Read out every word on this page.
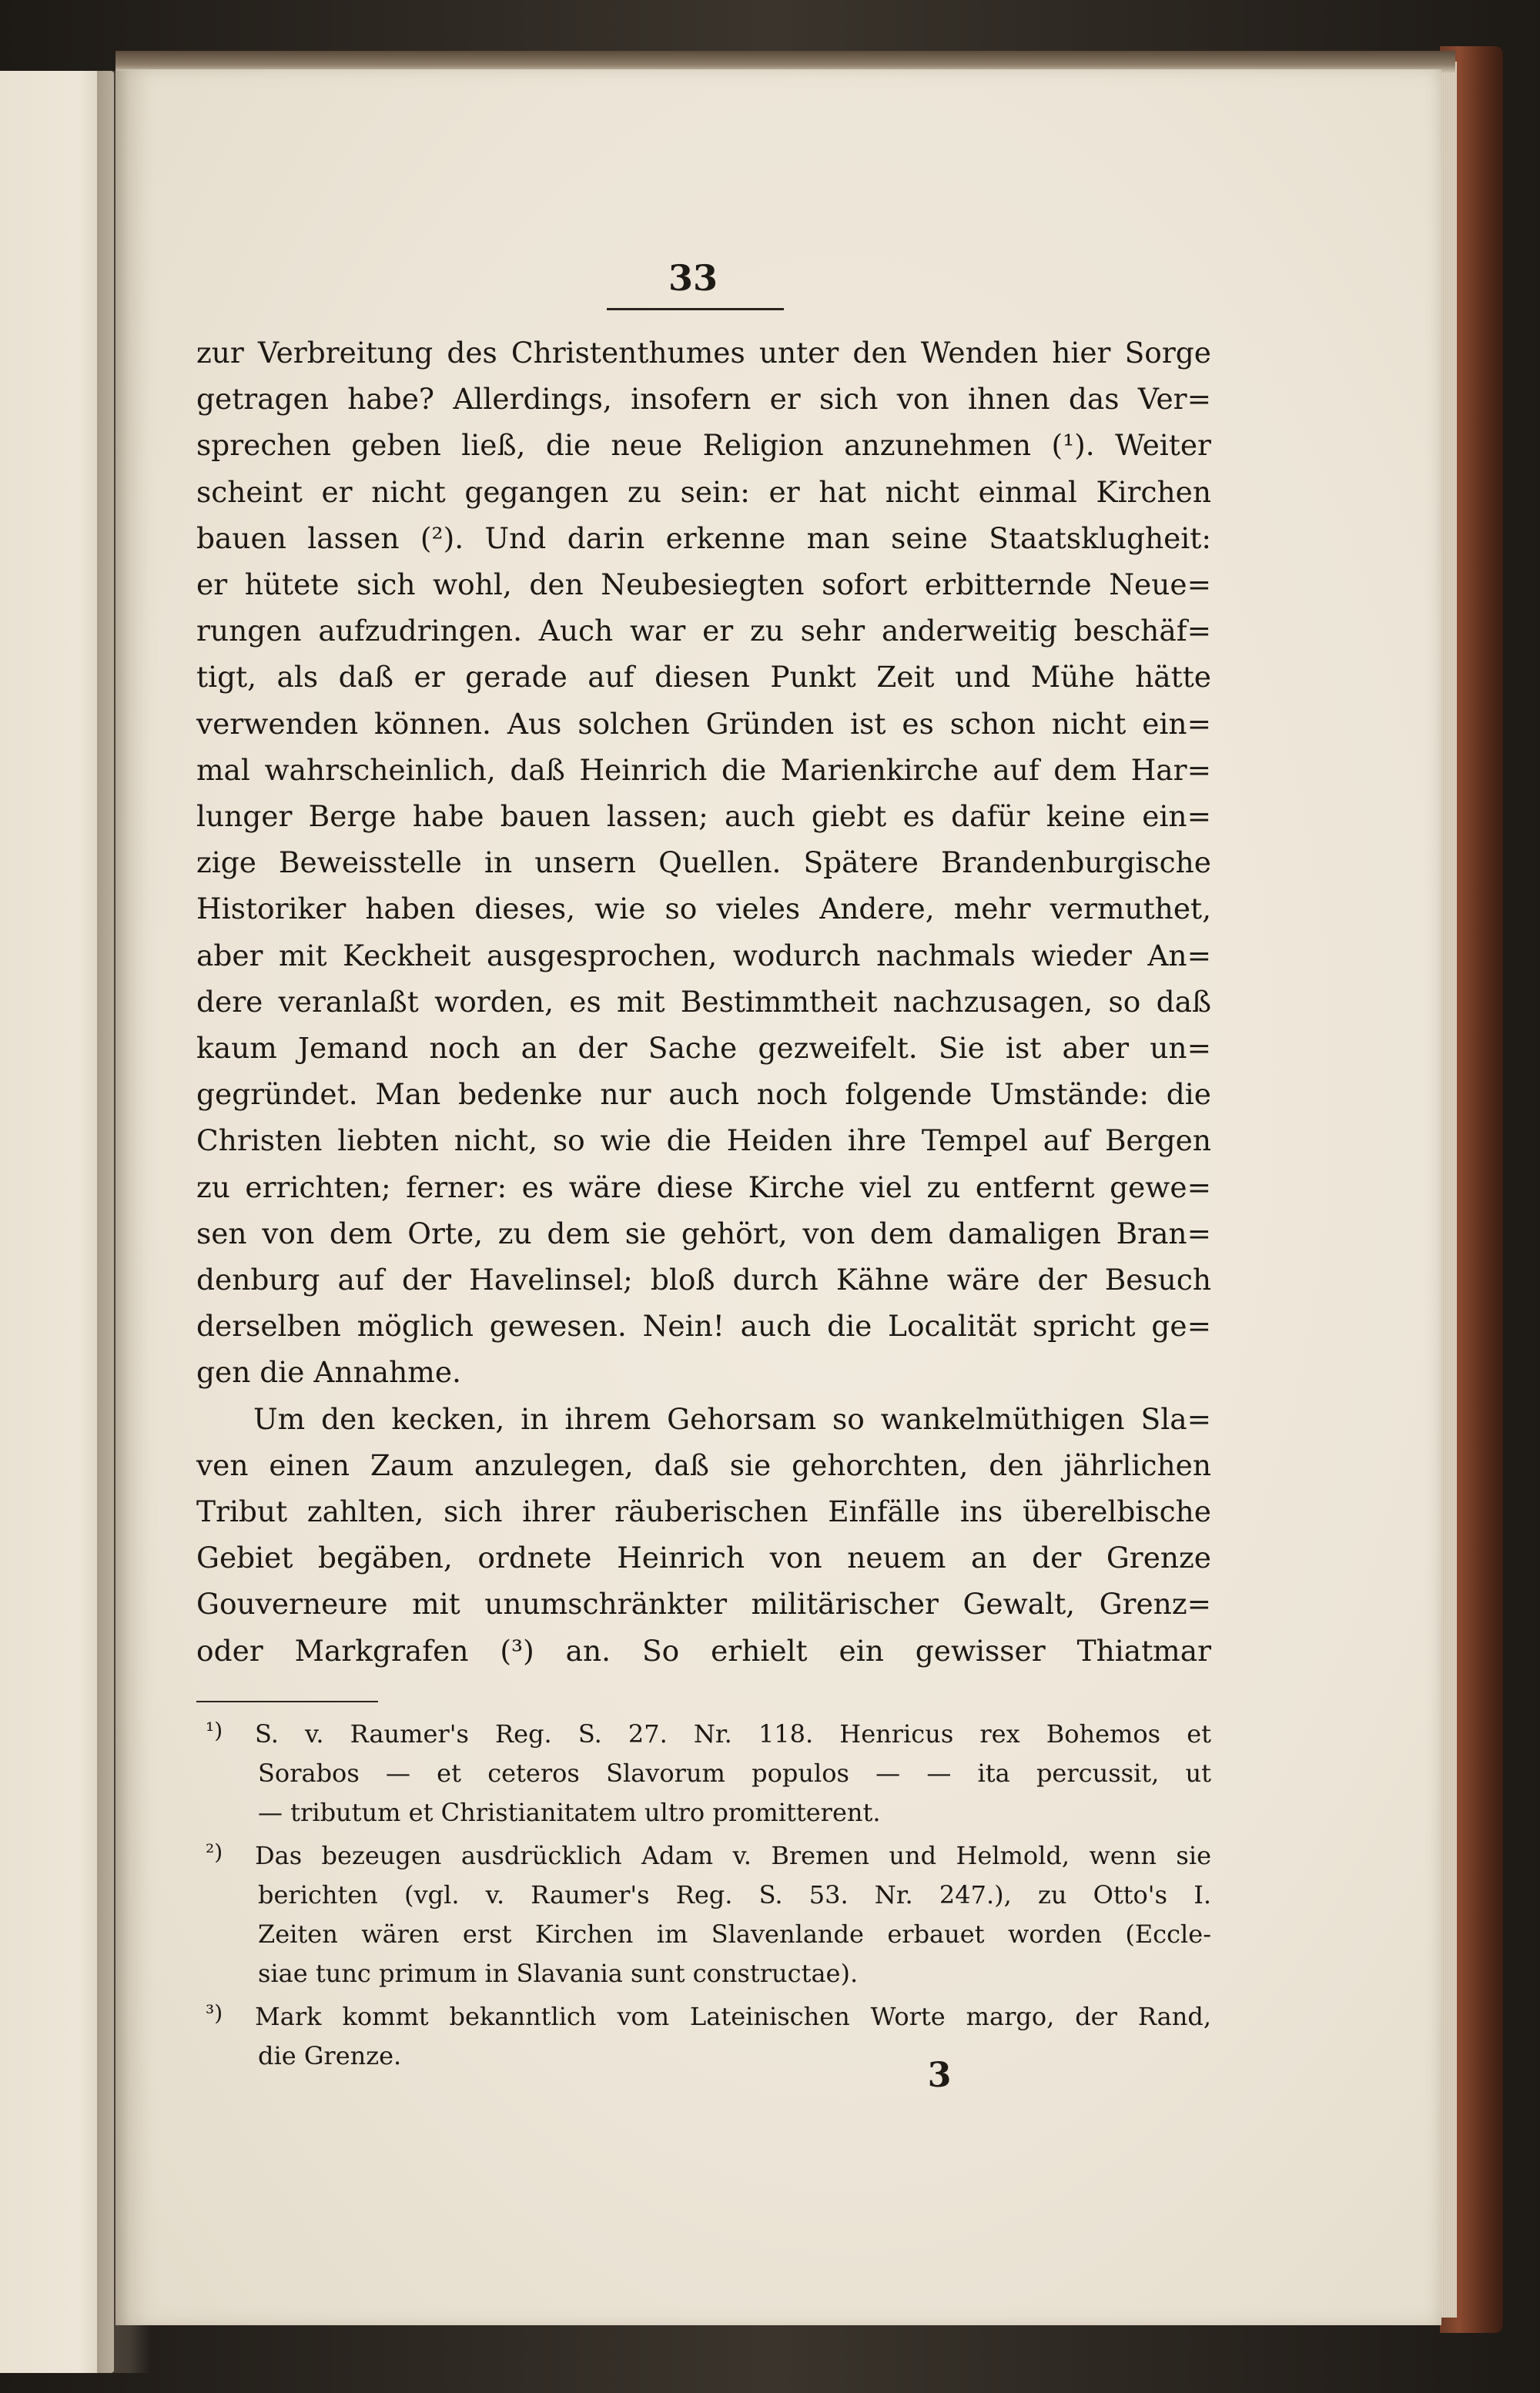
33
zur Verbreitung des Christenthumes unter den Wenden hier Sorge
getragen habe? Allerdings, insofern er sich von ihnen das Ver=
sprechen geben ließ, die neue Religion anzunehmen (¹). Weiter
scheint er nicht gegangen zu sein: er hat nicht einmal Kirchen
bauen lassen (²). Und darin erkenne man seine Staatsklugheit:
er hütete sich wohl, den Neubesiegten sofort erbitternde Neue=
rungen aufzudringen. Auch war er zu sehr anderweitig beschäf=
tigt, als daß er gerade auf diesen Punkt Zeit und Mühe hätte
verwenden können. Aus solchen Gründen ist es schon nicht ein=
mal wahrscheinlich, daß Heinrich die Marienkirche auf dem Har=
lunger Berge habe bauen lassen; auch giebt es dafür keine ein=
zige Beweisstelle in unsern Quellen. Spätere Brandenburgische
Historiker haben dieses, wie so vieles Andere, mehr vermuthet,
aber mit Keckheit ausgesprochen, wodurch nachmals wieder An=
dere veranlaßt worden, es mit Bestimmtheit nachzusagen, so daß
kaum Jemand noch an der Sache gezweifelt. Sie ist aber un=
gegründet. Man bedenke nur auch noch folgende Umstände: die
Christen liebten nicht, so wie die Heiden ihre Tempel auf Bergen
zu errichten; ferner: es wäre diese Kirche viel zu entfernt gewe=
sen von dem Orte, zu dem sie gehört, von dem damaligen Bran=
denburg auf der Havelinsel; bloß durch Kähne wäre der Besuch
derselben möglich gewesen. Nein! auch die Localität spricht ge=
gen die Annahme.
Um den kecken, in ihrem Gehorsam so wankelmüthigen Sla=
ven einen Zaum anzulegen, daß sie gehorchten, den jährlichen
Tribut zahlten, sich ihrer räuberischen Einfälle ins überelbische
Gebiet begäben, ordnete Heinrich von neuem an der Grenze
Gouverneure mit unumschränkter militärischer Gewalt, Grenz=
oder Markgrafen (³) an. So erhielt ein gewisser Thiatmar
¹) S. v. Raumer's Reg. S. 27. Nr. 118. Henricus rex Bohemos et
Sorabos — et ceteros Slavorum populos — — ita percussit, ut
— tributum et Christianitatem ultro promitterent.
²) Das bezeugen ausdrücklich Adam v. Bremen und Helmold, wenn sie
berichten (vgl. v. Raumer's Reg. S. 53. Nr. 247.), zu Otto's I.
Zeiten wären erst Kirchen im Slavenlande erbauet worden (Eccle-
siae tunc primum in Slavania sunt constructae).
³) Mark kommt bekanntlich vom Lateinischen Worte margo, der Rand,
die Grenze.	3
